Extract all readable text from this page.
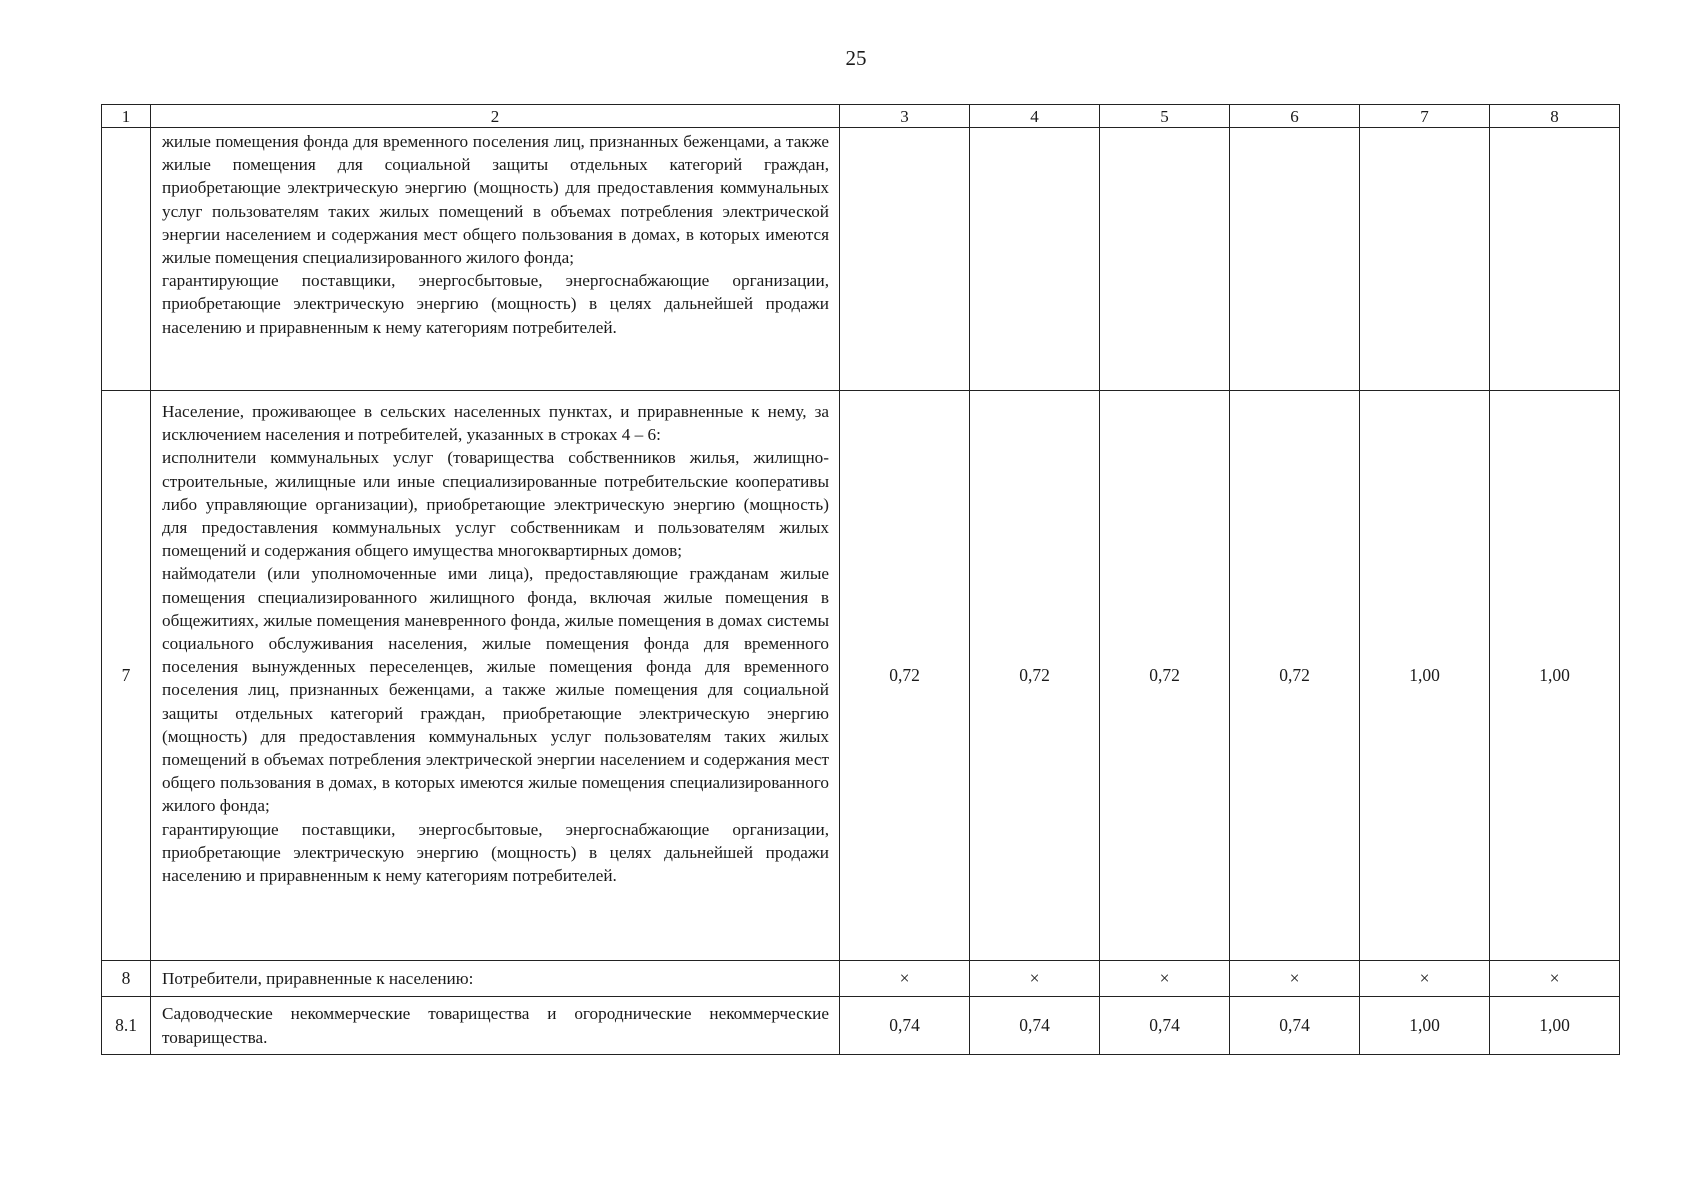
25
1	2	3	4	5	6	7	8

	жилые помещения фонда для временного поселения лиц, признанных беженцами, а также жилые помещения для социальной защиты отдельных категорий граждан, приобретающие электрическую энергию (мощность) для предоставления коммунальных услуг пользователям таких жилых помещений в объемах потребления электрической энергии населением и содержания мест общего пользования в домах, в которых имеются жилые помещения специализированного жилого фонда;
гарантирующие поставщики, энергосбытовые, энергоснабжающие организации, приобретающие электрическую энергию (мощность) в целях дальнейшей продажи населению и приравненным к нему категориям потребителей.						

7	Население, проживающее в сельских населенных пунктах, и приравненные к нему, за исключением населения и потребителей, указанных в строках 4 – 6:
исполнители коммунальных услуг (товарищества собственников жилья, жилищно-строительные, жилищные или иные специализированные потребительские кооперативы либо управляющие организации), приобретающие электрическую энергию (мощность) для предоставления коммунальных услуг собственникам и пользователям жилых помещений и содержания общего имущества многоквартирных домов;
наймодатели (или уполномоченные ими лица), предоставляющие гражданам жилые помещения специализированного жилищного фонда, включая жилые помещения в общежитиях, жилые помещения маневренного фонда, жилые помещения в домах системы социального обслуживания населения, жилые помещения фонда для временного поселения вынужденных переселенцев, жилые помещения фонда для временного поселения лиц, признанных беженцами, а также жилые помещения для социальной защиты отдельных категорий граждан, приобретающие электрическую энергию (мощность) для предоставления коммунальных услуг пользователям таких жилых помещений в объемах потребления электрической энергии населением и содержания мест общего пользования в домах, в которых имеются жилые помещения специализированного жилого фонда;
гарантирующие поставщики, энергосбытовые, энергоснабжающие организации, приобретающие электрическую энергию (мощность) в целях дальнейшей продажи населению и приравненным к нему категориям потребителей.	0,72	0,72	0,72	0,72	1,00	1,00
8	Потребители, приравненные к населению:	×	×	×	×	×	×
8.1	Садоводческие некоммерческие товарищества и огороднические некоммерческие товарищества.	0,74	0,74	0,74	0,74	1,00	1,00
